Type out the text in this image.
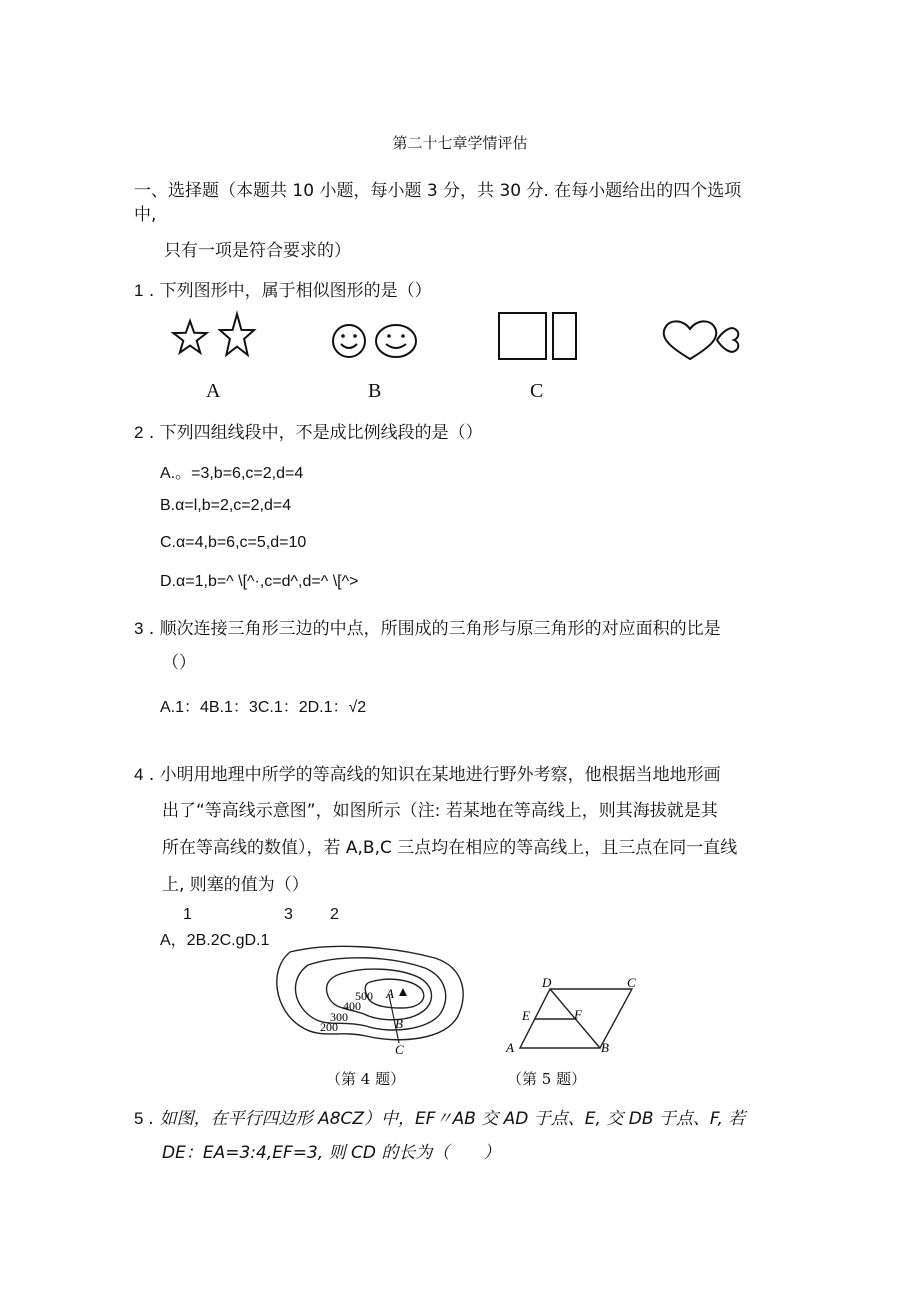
第二十七章学情评估
一、选择题（本题共 10 小题，每小题 3 分，共 30 分. 在每小题给出的四个选项
中,
只有一项是符合要求的）
1 . 下列图形中，属于相似图形的是（）
A	B	C
2 . 下列四组线段中，不是成比例线段的是（）
A.。=3,b=6,c=2,d=4
B.α=l,b=2,c=2,d=4
C.α=4,b=6,c=5,d=10
D.α=1,b=^ \[^·,c=d^,d=^ \[^>
3 . 顺次连接三角形三边的中点，所围成的三角形与原三角形的对应面积的比是
（）
A.1：4B.1：3C.1：2D.1：√2
4 . 小明用地理中所学的等高线的知识在某地进行野外考察，他根据当地地形画
出了“等高线示意图”，如图所示（注: 若某地在等高线上，则其海拔就是其
所在等高线的数值），若 A,B,C 三点均在相应的等高线上，且三点在同一直线
上, 则塞的值为（）
1	3 2
A，2B.2C.gD.1
500
400
300
200
A
B
C
D	C
E	F
A	B
（第 4 题）	（第 5 题）
5 . 如图，在平行四边形 A8CZ）中，EF〃AB 交 AD 于点、E, 交 DB 于点、F, 若
DE：EA=3:4,EF=3, 则 CD 的长为（　　）
